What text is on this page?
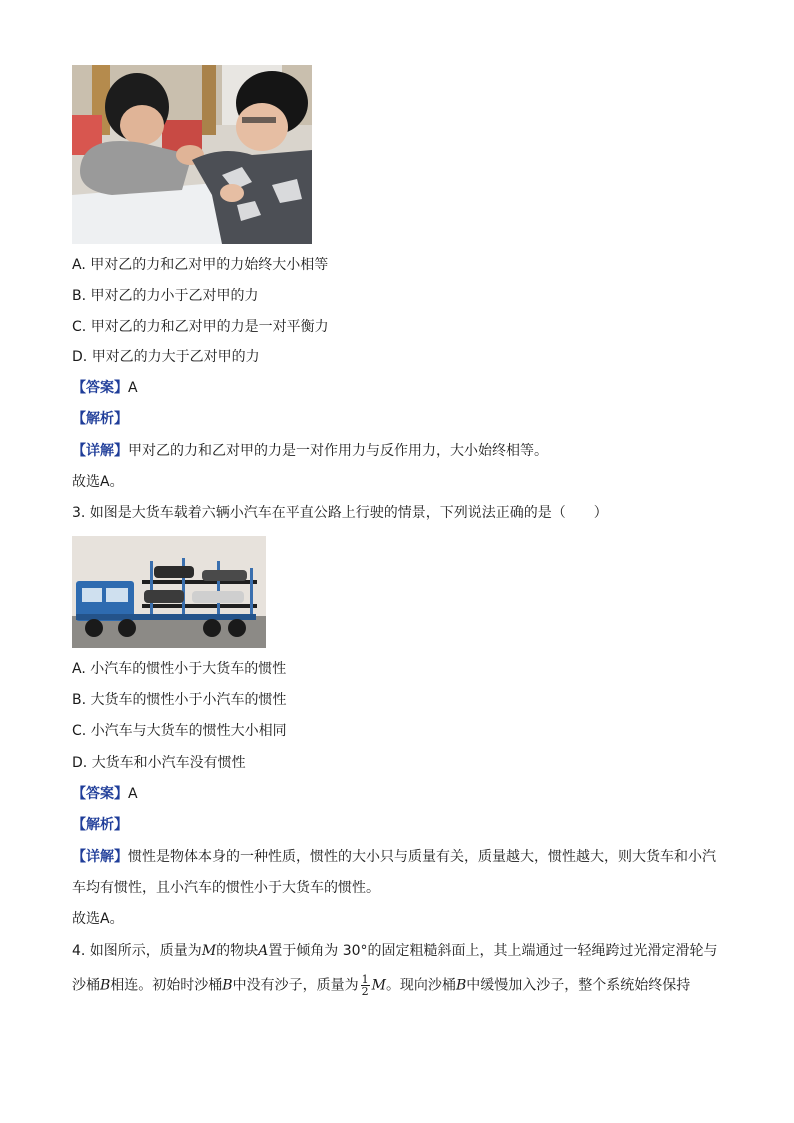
A. 甲对乙的力和乙对甲的力始终大小相等
B. 甲对乙的力小于乙对甲的力
C. 甲对乙的力和乙对甲的力是一对平衡力
D. 甲对乙的力大于乙对甲的力
【答案】A
【解析】
【详解】甲对乙的力和乙对甲的力是一对作用力与反作用力，大小始终相等。
故选A。
3. 如图是大货车载着六辆小汽车在平直公路上行驶的情景，下列说法正确的是（　　）
A. 小汽车的惯性小于大货车的惯性
B. 大货车的惯性小于小汽车的惯性
C. 小汽车与大货车的惯性大小相同
D. 大货车和小汽车没有惯性
【答案】A
【解析】
【详解】惯性是物体本身的一种性质，惯性的大小只与质量有关，质量越大，惯性越大，则大货车和小汽
车均有惯性，且小汽车的惯性小于大货车的惯性。
故选A。
4. 如图所示，质量为M的物块A置于倾角为 30°的固定粗糙斜面上，其上端通过一轻绳跨过光滑定滑轮与
沙桶B相连。初始时沙桶B中没有沙子，质量为 $\frac{1}{2}$ M。现向沙桶B中缓慢加入沙子，整个系统始终保持
